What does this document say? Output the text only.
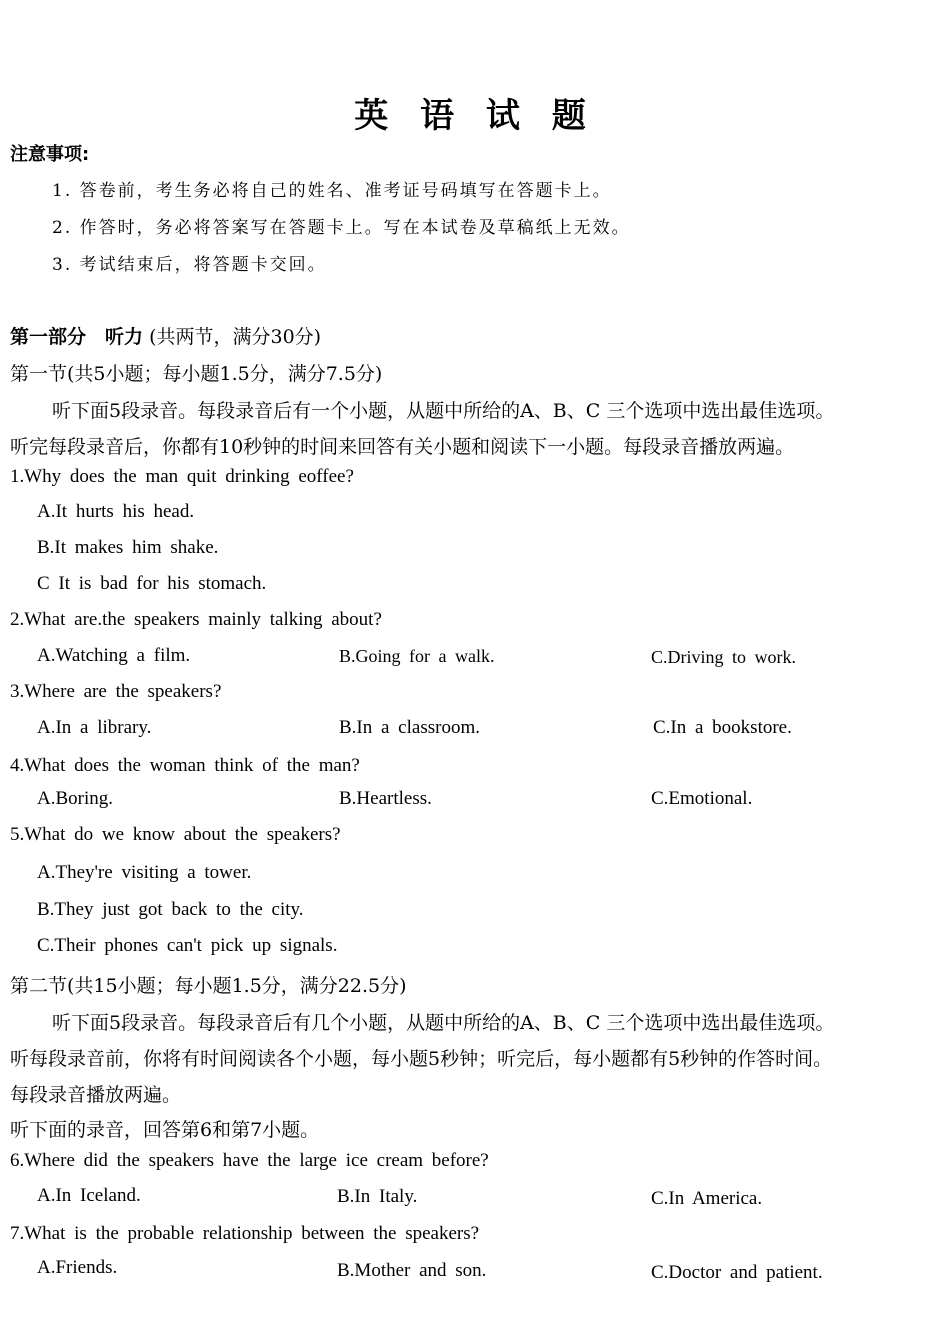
英 语 试 题
注意事项:
1. 答卷前，考生务必将自己的姓名、准考证号码填写在答题卡上。
2. 作答时，务必将答案写在答题卡上。写在本试卷及草稿纸上无效。
3. 考试结束后，将答题卡交回。
第一部分　听力 (共两节，满分30分)
第一节(共5小题；每小题1.5分，满分7.5分)
听下面5段录音。每段录音后有一个小题，从题中所给的A、B、C 三个选项中选出最佳选项。
听完每段录音后，你都有10秒钟的时间来回答有关小题和阅读下一小题。每段录音播放两遍。
1.Why does the man quit drinking eoffee?
A.It hurts his head.
B.It makes him shake.
C It is bad for his stomach.
2.What are.the speakers mainly talking about?
A.Watching a film.	B.Going for a walk.	C.Driving to work.
3.Where are the speakers?
A.In a library.	B.In a classroom.	C.In a bookstore.
4.What does the woman think of the man?
A.Boring.	B.Heartless.	C.Emotional.
5.What do we know about the speakers?
A.They're visiting a tower.
B.They just got back to the city.
C.Their phones can't pick up signals.
第二节(共15小题；每小题1.5分，满分22.5分)
听下面5段录音。每段录音后有几个小题，从题中所给的A、B、C 三个选项中选出最佳选项。
听每段录音前，你将有时间阅读各个小题，每小题5秒钟；听完后，每小题都有5秒钟的作答时间。
每段录音播放两遍。
听下面的录音，回答第6和第7小题。
6.Where did the speakers have the large ice cream before?
A.In Iceland.	B.In Italy.	C.In America.
7.What is the probable relationship between the speakers?
A.Friends.	B.Mother and son.	C.Doctor and patient.
